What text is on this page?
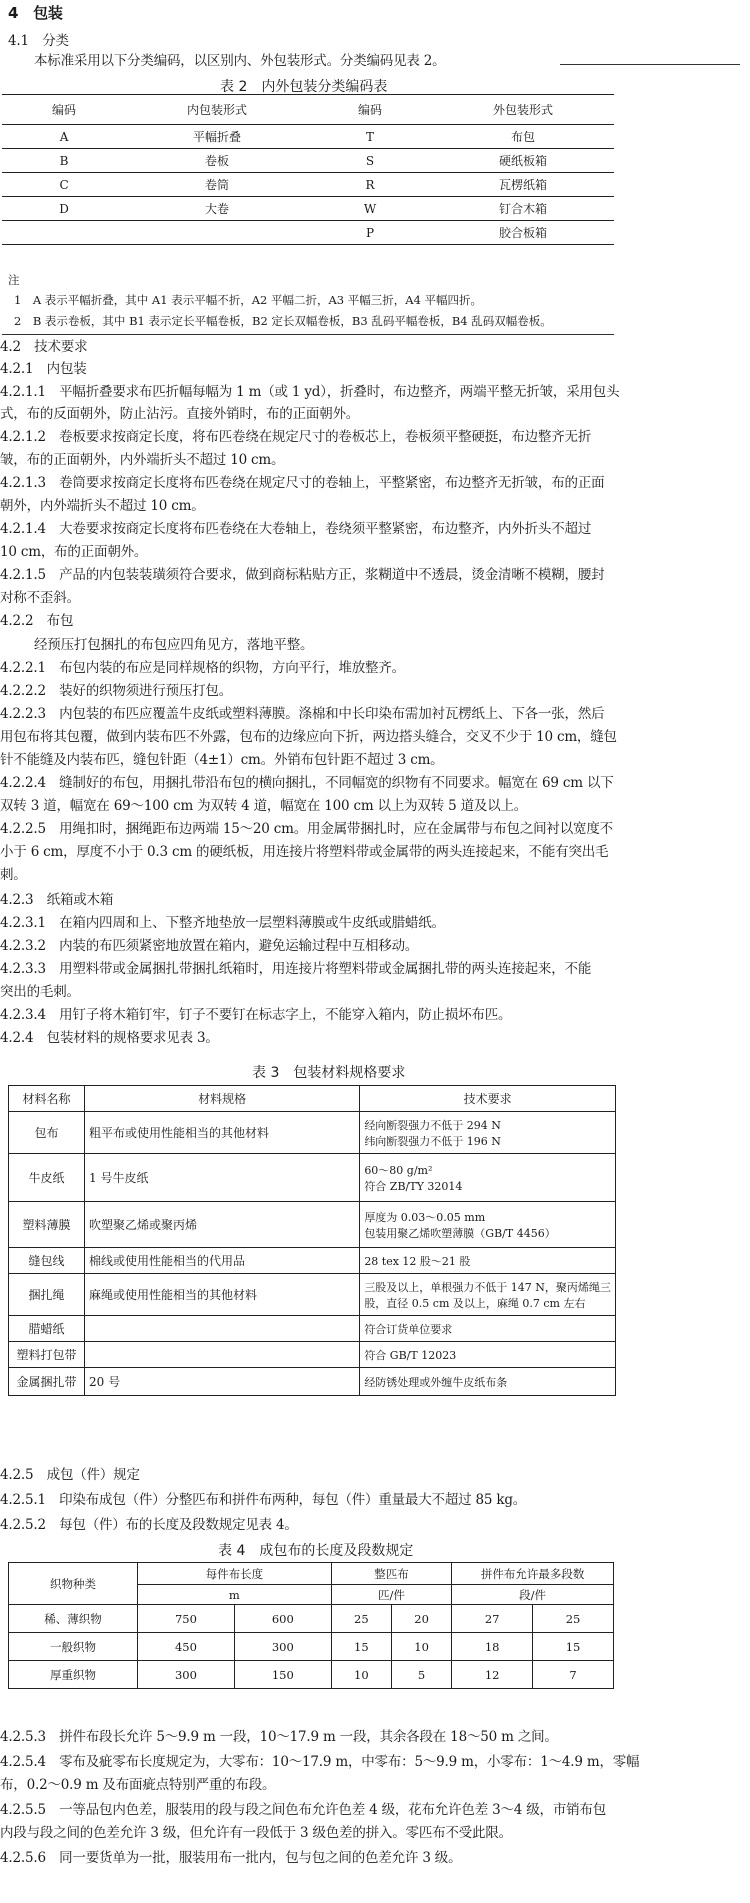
4　 包装
4.1　 分类
本标准采用以下分类编码，以区别内、外包装形式。分类编码见表 2。
表 2　内外包装分类编码表
编码	内包装形式	编码	外包装形式
A	平幅折叠	T	布包
B	卷板	S	硬纸板箱
C	卷筒	R	瓦楞纸箱
D	大卷	W	钉合木箱
		P	胶合板箱
注
1　A 表示平幅折叠，其中 A1 表示平幅不折，A2 平幅二折，A3 平幅三折，A4 平幅四折。
2　B 表示卷板，其中 B1 表示定长平幅卷板，B2 定长双幅卷板，B3 乱码平幅卷板，B4 乱码双幅卷板。
4.2　技术要求
4.2.1　内包装
4.2.1.1　平幅折叠要求布匹折幅每幅为 1 m（或 1 yd），折叠时，布边整齐，两端平整无折皱，采用包头
式，布的反面朝外，防止沾污。直接外销时，布的正面朝外。
4.2.1.2　卷板要求按商定长度，将布匹卷绕在规定尺寸的卷板芯上，卷板须平整硬挺，布边整齐无折
皱，布的正面朝外，内外端折头不超过 10 cm。
4.2.1.3　卷筒要求按商定长度将布匹卷绕在规定尺寸的卷轴上，平整紧密，布边整齐无折皱，布的正面
朝外，内外端折头不超过 10 cm。
4.2.1.4　大卷要求按商定长度将布匹卷绕在大卷轴上，卷绕须平整紧密，布边整齐，内外折头不超过
10 cm，布的正面朝外。
4.2.1.5　产品的内包装装璜须符合要求，做到商标粘贴方正，浆糊道中不透晨，烫金清晰不模糊，腰封
对称不歪斜。
4.2.2　布包
经预压打包捆扎的布包应四角见方，落地平整。
4.2.2.1　布包内装的布应是同样规格的织物，方向平行，堆放整齐。
4.2.2.2　装好的织物须进行预压打包。
4.2.2.3　内包装的布匹应覆盖牛皮纸或塑料薄膜。涤棉和中长印染布需加衬瓦楞纸上、下各一张，然后
用包布将其包覆，做到内装布匹不外露，包布的边缘应向下折，两边搭头缝合，交叉不少于 10 cm，缝包
针不能缝及内装布匹，缝包针距（4±1）cm。外销布包针距不超过 3 cm。
4.2.2.4　缝制好的布包，用捆扎带沿布包的横向捆扎，不同幅宽的织物有不同要求。幅宽在 69 cm 以下
双转 3 道，幅宽在 69～100 cm 为双转 4 道，幅宽在 100 cm 以上为双转 5 道及以上。
4.2.2.5　用绳扣时，捆绳距布边两端 15～20 cm。用金属带捆扎时，应在金属带与布包之间衬以宽度不
小于 6 cm，厚度不小于 0.3 cm 的硬纸板，用连接片将塑料带或金属带的两头连接起来，不能有突出毛
刺。
4.2.3　纸箱或木箱
4.2.3.1　在箱内四周和上、下整齐地垫放一层塑料薄膜或牛皮纸或腊蜡纸。
4.2.3.2　内装的布匹须紧密地放置在箱内，避免运输过程中互相移动。
4.2.3.3　用塑料带或金属捆扎带捆扎纸箱时，用连接片将塑料带或金属捆扎带的两头连接起来，不能
突出的毛刺。
4.2.3.4　用钉子将木箱钉牢，钉子不要钉在标志字上，不能穿入箱内，防止损坏布匹。
4.2.4　包装材料的规格要求见表 3。
表 3　包装材料规格要求
材料名称	材料规格	技术要求
包布	粗平布或使用性能相当的其他材料	经向断裂强力不低于 294 N
纬向断裂强力不低于 196 N
牛皮纸	1 号牛皮纸	60～80 g/m²
符合 ZB/TY 32014
塑料薄膜	吹塑聚乙烯或聚丙烯	厚度为 0.03～0.05 mm
包装用聚乙烯吹塑薄膜（GB/T 4456）
缝包线	棉线或使用性能相当的代用品	28 tex 12 股～21 股
捆扎绳	麻绳或使用性能相当的其他材料	三股及以上，单根强力不低于 147 N，聚丙烯绳三
股，直径 0.5 cm 及以上，麻绳 0.7 cm 左右
腊蜡纸		符合订货单位要求
塑料打包带		符合 GB/T 12023
金属捆扎带	20 号	经防锈处理或外缠牛皮纸布条
4.2.5　成包（件）规定
4.2.5.1　印染布成包（件）分整匹布和拼件布两种，每包（件）重量最大不超过 85 kg。
4.2.5.2　每包（件）布的长度及段数规定见表 4。
表 4　成包布的长度及段数规定
织物种类	每件布长度		整匹布		拼件布允许最多段数	
	m		匹/件		段/件	
稀、薄织物	750	600	25	20	27	25
一般织物	450	300	15	10	18	15
厚重织物	300	150	10	5	12	7
4.2.5.3　拼件布段长允许 5～9.9 m 一段，10～17.9 m 一段，其余各段在 18～50 m 之间。
4.2.5.4　零布及疵零布长度规定为，大零布：10～17.9 m，中零布：5～9.9 m，小零布：1～4.9 m，零幅
布，0.2～0.9 m 及布面疵点特别严重的布段。
4.2.5.5　一等品包内色差，服装用的段与段之间色布允许色差 4 级，花布允许色差 3～4 级，市销布包
内段与段之间的色差允许 3 级，但允许有一段低于 3 级色差的拼入。零匹布不受此限。
4.2.5.6　同一要货单为一批，服装用布一批内，包与包之间的色差允许 3 级。
